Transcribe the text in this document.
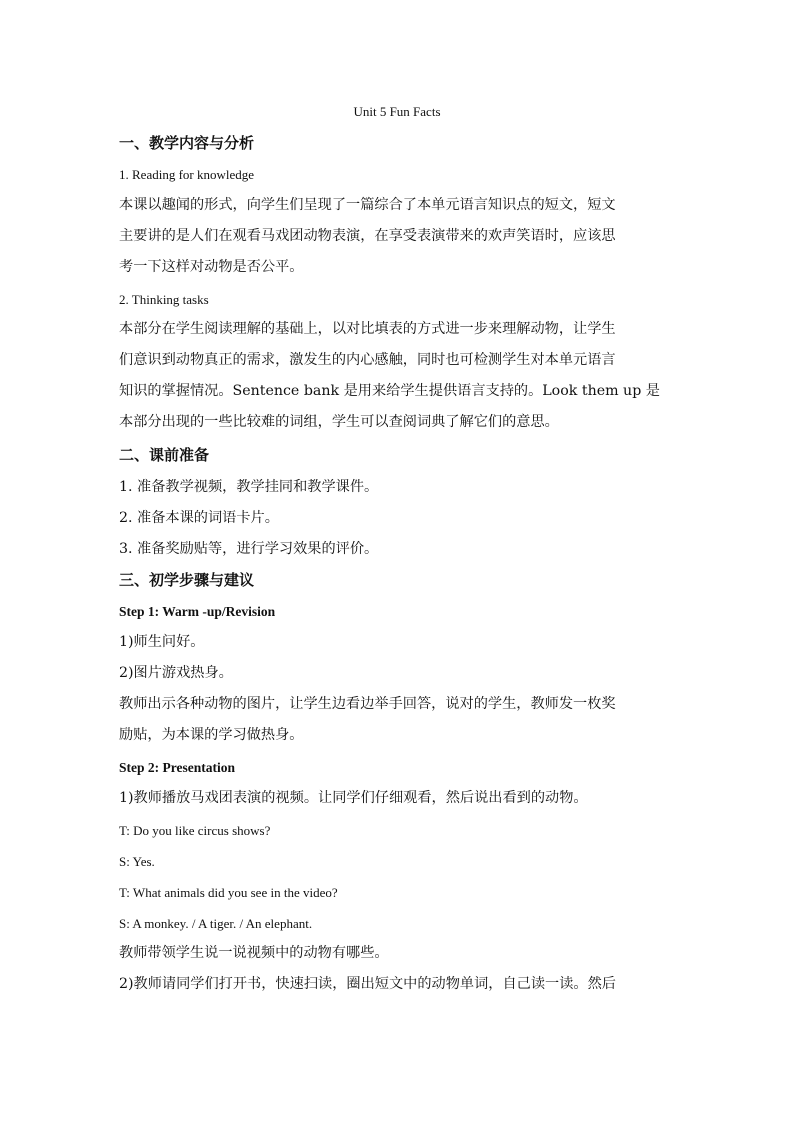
Unit 5 Fun Facts
一、教学内容与分析
1. Reading for knowledge
本课以趣闻的形式，向学生们呈现了一篇综合了本单元语言知识点的短文，短文
主要讲的是人们在观看马戏团动物表演，在享受表演带来的欢声笑语时，应该思
考一下这样对动物是否公平。
2. Thinking tasks
本部分在学生阅读理解的基础上，以对比填表的方式进一步来理解动物，让学生
们意识到动物真正的需求，激发生的内心感触，同时也可检测学生对本单元语言
知识的掌握情况。Sentence bank 是用来给学生提供语言支持的。Look them up 是
本部分出现的一些比较难的词组，学生可以查阅词典了解它们的意思。
二、课前准备
1. 准备教学视频，教学挂同和教学课件。
2. 准备本课的词语卡片。
3. 准备奖励贴等，进行学习效果的评价。
三、初学步骤与建议
Step 1: Warm -up/Revision
1)师生问好。
2)图片游戏热身。
教师出示各种动物的图片，让学生边看边举手回答，说对的学生，教师发一枚奖
励贴，为本课的学习做热身。
Step 2: Presentation
1)教师播放马戏团表演的视频。让同学们仔细观看，然后说出看到的动物。
T: Do you like circus shows?
S: Yes.
T: What animals did you see in the video?
S: A monkey. / A tiger. / An elephant.
教师带领学生说一说视频中的动物有哪些。
2)教师请同学们打开书，快速扫读，圈出短文中的动物单词，自己读一读。然后
